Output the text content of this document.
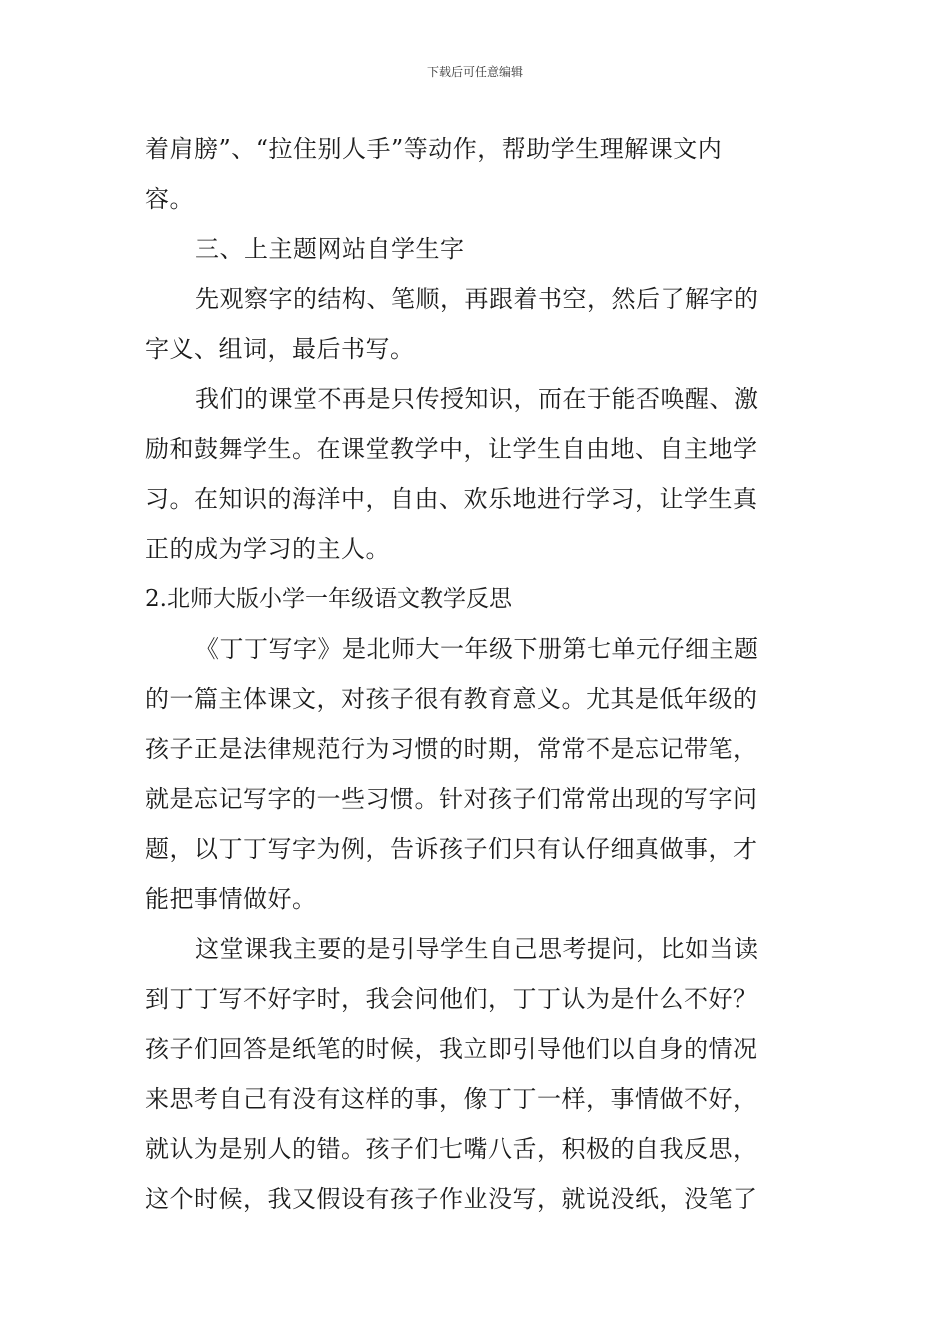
下载后可任意编辑
着肩膀”、“拉住别人手”等动作，帮助学生理解课文内
容。
三、上主题网站自学生字
先观察字的结构、笔顺，再跟着书空，然后了解字的
字义、组词，最后书写。
我们的课堂不再是只传授知识，而在于能否唤醒、激
励和鼓舞学生。在课堂教学中，让学生自由地、自主地学
习。在知识的海洋中，自由、欢乐地进行学习，让学生真
正的成为学习的主人。
2.北师大版小学一年级语文教学反思
《丁丁写字》是北师大一年级下册第七单元仔细主题
的一篇主体课文，对孩子很有教育意义。尤其是低年级的
孩子正是法律规范行为习惯的时期，常常不是忘记带笔，
就是忘记写字的一些习惯。针对孩子们常常出现的写字问
题，以丁丁写字为例，告诉孩子们只有认仔细真做事，才
能把事情做好。
这堂课我主要的是引导学生自己思考提问，比如当读
到丁丁写不好字时，我会问他们，丁丁认为是什么不好？
孩子们回答是纸笔的时候，我立即引导他们以自身的情况
来思考自己有没有这样的事，像丁丁一样，事情做不好，
就认为是别人的错。孩子们七嘴八舌，积极的自我反思，
这个时候，我又假设有孩子作业没写，就说没纸，没笔了
